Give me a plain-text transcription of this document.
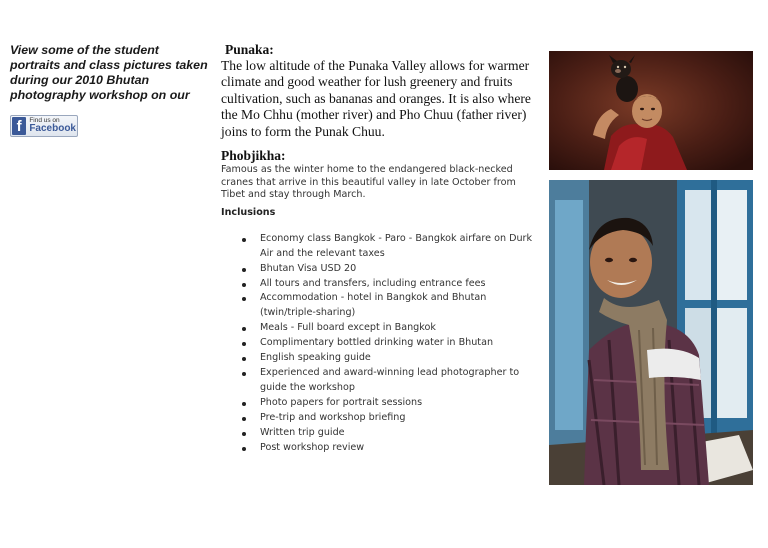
View some of the student
portraits and class pictures taken
during our 2010 Bhutan
photography workshop on our

f	Find us on
Facebook
Punaka:

The low altitude of the Punaka Valley allows for warmer climate and good weather for lush greenery and fruits cultivation, such as bananas and oranges. It is also where the Mo Chhu (mother river) and Pho Chuu (father river) joins to form the Punak Chuu.

Phobjikha:

Famous as the winter home to the endangered black-necked cranes that arrive in this beautiful valley in late October from Tibet and stay through March.

Inclusions

Economy class Bangkok - Paro - Bangkok airfare on Durk Air and the relevant taxes
Bhutan Visa USD 20
All tours and transfers, including entrance fees
Accommodation - hotel in Bangkok and Bhutan (twin/triple-sharing)
Meals - Full board except in Bangkok
Complimentary bottled drinking water in Bhutan
English speaking guide
Experienced and award-winning lead photographer to guide the workshop
Photo papers for portrait sessions
Pre-trip and workshop briefing
Written trip guide
Post workshop review
